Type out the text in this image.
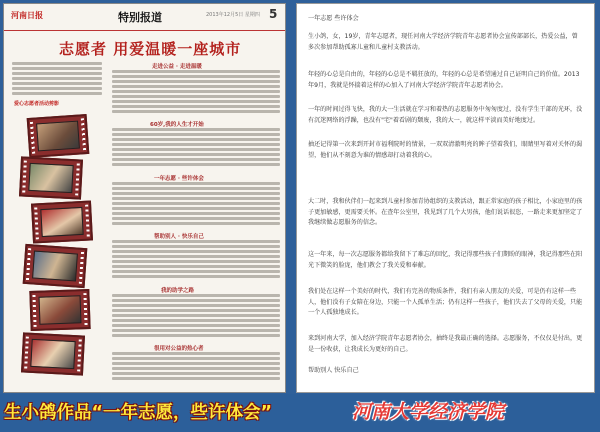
河南日报	特别报道	2013年12月5日 星期四 5
志愿者 用爱温暖一座城市
走进公益 · 走进温暖
60岁,我的人生才开始
一年志愿 · 些许体会
帮助别人 · 快乐自己
我的助学之路
很用对公益的热心者
爱心志愿者活动剪影

一年志愿 些许体会

生小鸽，女，19岁，青年志愿者，现任河南大学经济学院青年志愿者协会宣传部部长，热爱公益，曾多次参加帮助孤寡儿童和儿童村支教活动。

年轻的心总是自由的，年轻的心总是不羁狂放的，年轻的心总是希望通过自己证明自己的价值。2013年9月，我就是怀揣着这样的心加入了河南大学经济学院青年志愿者协会。

一年的时间过得飞快，我的大一生活就在学习和着热的志愿服务中匆匆度过，没有学生干部的光环，没有沉迷网络的浮躁，也没有"宅"着看剧的颓废，我的大一，就这样平淡而美好地度过。

抽还记得第一次来到开封市福利院时的情景，一双双清澈明亮的眸子望着我们，眼睛里写着对关怀的渴望，他们从不刻意为谁的情感却打动着我的心。

大二时，我和伙伴们一起来到儿童村参加青协组织的支教活动，跟正常家庭的孩子相比，小家庭里的孩子更加敏感，更需要关怀。在查年公室里，我见到了几个大男孩，他们说话很恣，一路走来更加坚定了我继续做志愿服务的信念。

这一年来，每一次志愿服务都给我留下了难忘的回忆，我记得那些孩子们期盼的眼神，我记得那些在阳光下微笑的脸庞，他们教会了我关爱和奉献。

我们处在这样一个美好的时代，我们有完善的物质条件，我们有亲人朋友的关爱，可是仍有这样一些人，他们没有子女陪在身边，只能一个人孤单生活；仍有这样一些孩子，他们失去了父母的关爱，只能一个人孤独地成长。

来到河南大学，加入经济学院青年志愿者协会，抽终是我最正确的选择。志愿服务，不仅仅是付出，更是一份收获，让我成长为更好的自己。

帮助别人 快乐自己

生小鸽作品“一年志愿，些许体会”	河南大学经济学院
